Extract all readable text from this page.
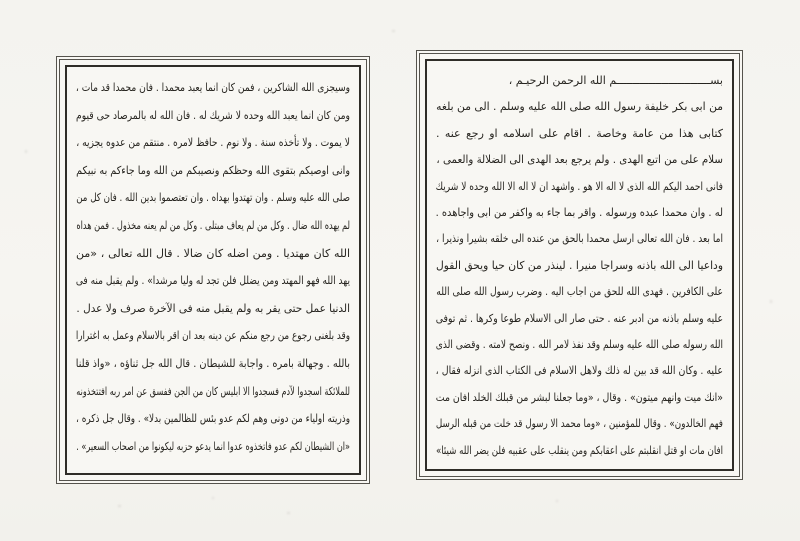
وسيجزى الله الشاكرين ، فمن كان انما يعبد محمدا . فان محمدا قد مات ،
ومن كان انما يعبد الله وحده لا شريك له . فان الله له بالمرصاد حى قيوم
لا يموت . ولا تأخذه سنة . ولا نوم . حافظ لامره . منتقم من عدوه يجزيه ،
وانى اوصيكم بتقوى الله وحظكم ونصيبكم من الله وما جاءكم به نبيكم
صلى الله عليه وسلم . وان تهتدوا بهداه . وان تعتصموا بدين الله . فان كل من
لم يهده الله ضال . وكل من لم يعاف مبتلى . وكل من لم يعنه مخذول . فمن هداه
الله كان مهتديا . ومن اضله كان ضالا . قال الله تعالى ، «من
يهد الله فهو المهتد ومن يضلل فلن تجد له وليا مرشدا» . ولم يقبل منه فى
الدنيا عمل حتى يقر به ولم يقبل منه فى الآخرة صرف ولا عدل .
وقد بلغنى رجوع من رجع منكم عن دينه بعد ان اقر بالاسلام وعمل به اغترارا
بالله . وجهالة بامره . واجابة للشيطان . قال الله جل ثناؤه ، «واذ قلنا
للملائكة اسجدوا لآدم فسجدوا الا ابليس كان من الجن ففسق عن امر ربه افتتخذونه
وذريته اولياء من دونى وهم لكم عدو بئس للظالمين بدلا» . وقال جل ذكره ،
«ان الشيطان لكم عدو فاتخذوه عدوا انما يدعو حزبه ليكونوا من اصحاب السعير» .
بســـــــــــــــــــــــــــــم الله الرحمن الرحيـم ،
من ابى بكر خليفة رسول الله صلى الله عليه وسلم . الى من بلغه
كتابى هذا من عامة وخاصة . اقام على اسلامه او رجع عنه .
سلام على من اتبع الهدى . ولم يرجع بعد الهدى الى الضلالة والعمى ،
فانى احمد اليكم الله الذى لا اله الا هو . واشهد ان لا اله الا الله وحده لا شريك
له . وان محمدا عبده ورسوله . واقر بما جاء به واكفر من ابى واجاهده .
اما بعد . فان الله تعالى ارسل محمدا بالحق من عنده الى خلقه بشيرا ونذيرا ،
وداعيا الى الله باذنه وسراجا منيرا . لينذر من كان حيا ويحق القول
على الكافرين . فهدى الله للحق من اجاب اليه . وضرب رسول الله صلى الله
عليه وسلم باذنه من ادبر عنه . حتى صار الى الاسلام طوعا وكرها . ثم توفى
الله رسوله صلى الله عليه وسلم وقد نفذ لامر الله . ونصح لامته . وقضى الذى
عليه . وكان الله قد بين له ذلك ولاهل الاسلام فى الكتاب الذى انزله فقال ،
«انك ميت وانهم ميتون» . وقال ، «وما جعلنا لبشر من قبلك الخلد افان مت
فهم الخالدون» . وقال للمؤمنين ، «وما محمد الا رسول قد خلت من قبله الرسل
افان مات او قتل انقلبتم على اعقابكم ومن ينقلب على عقبيه فلن يضر الله شيئا»
